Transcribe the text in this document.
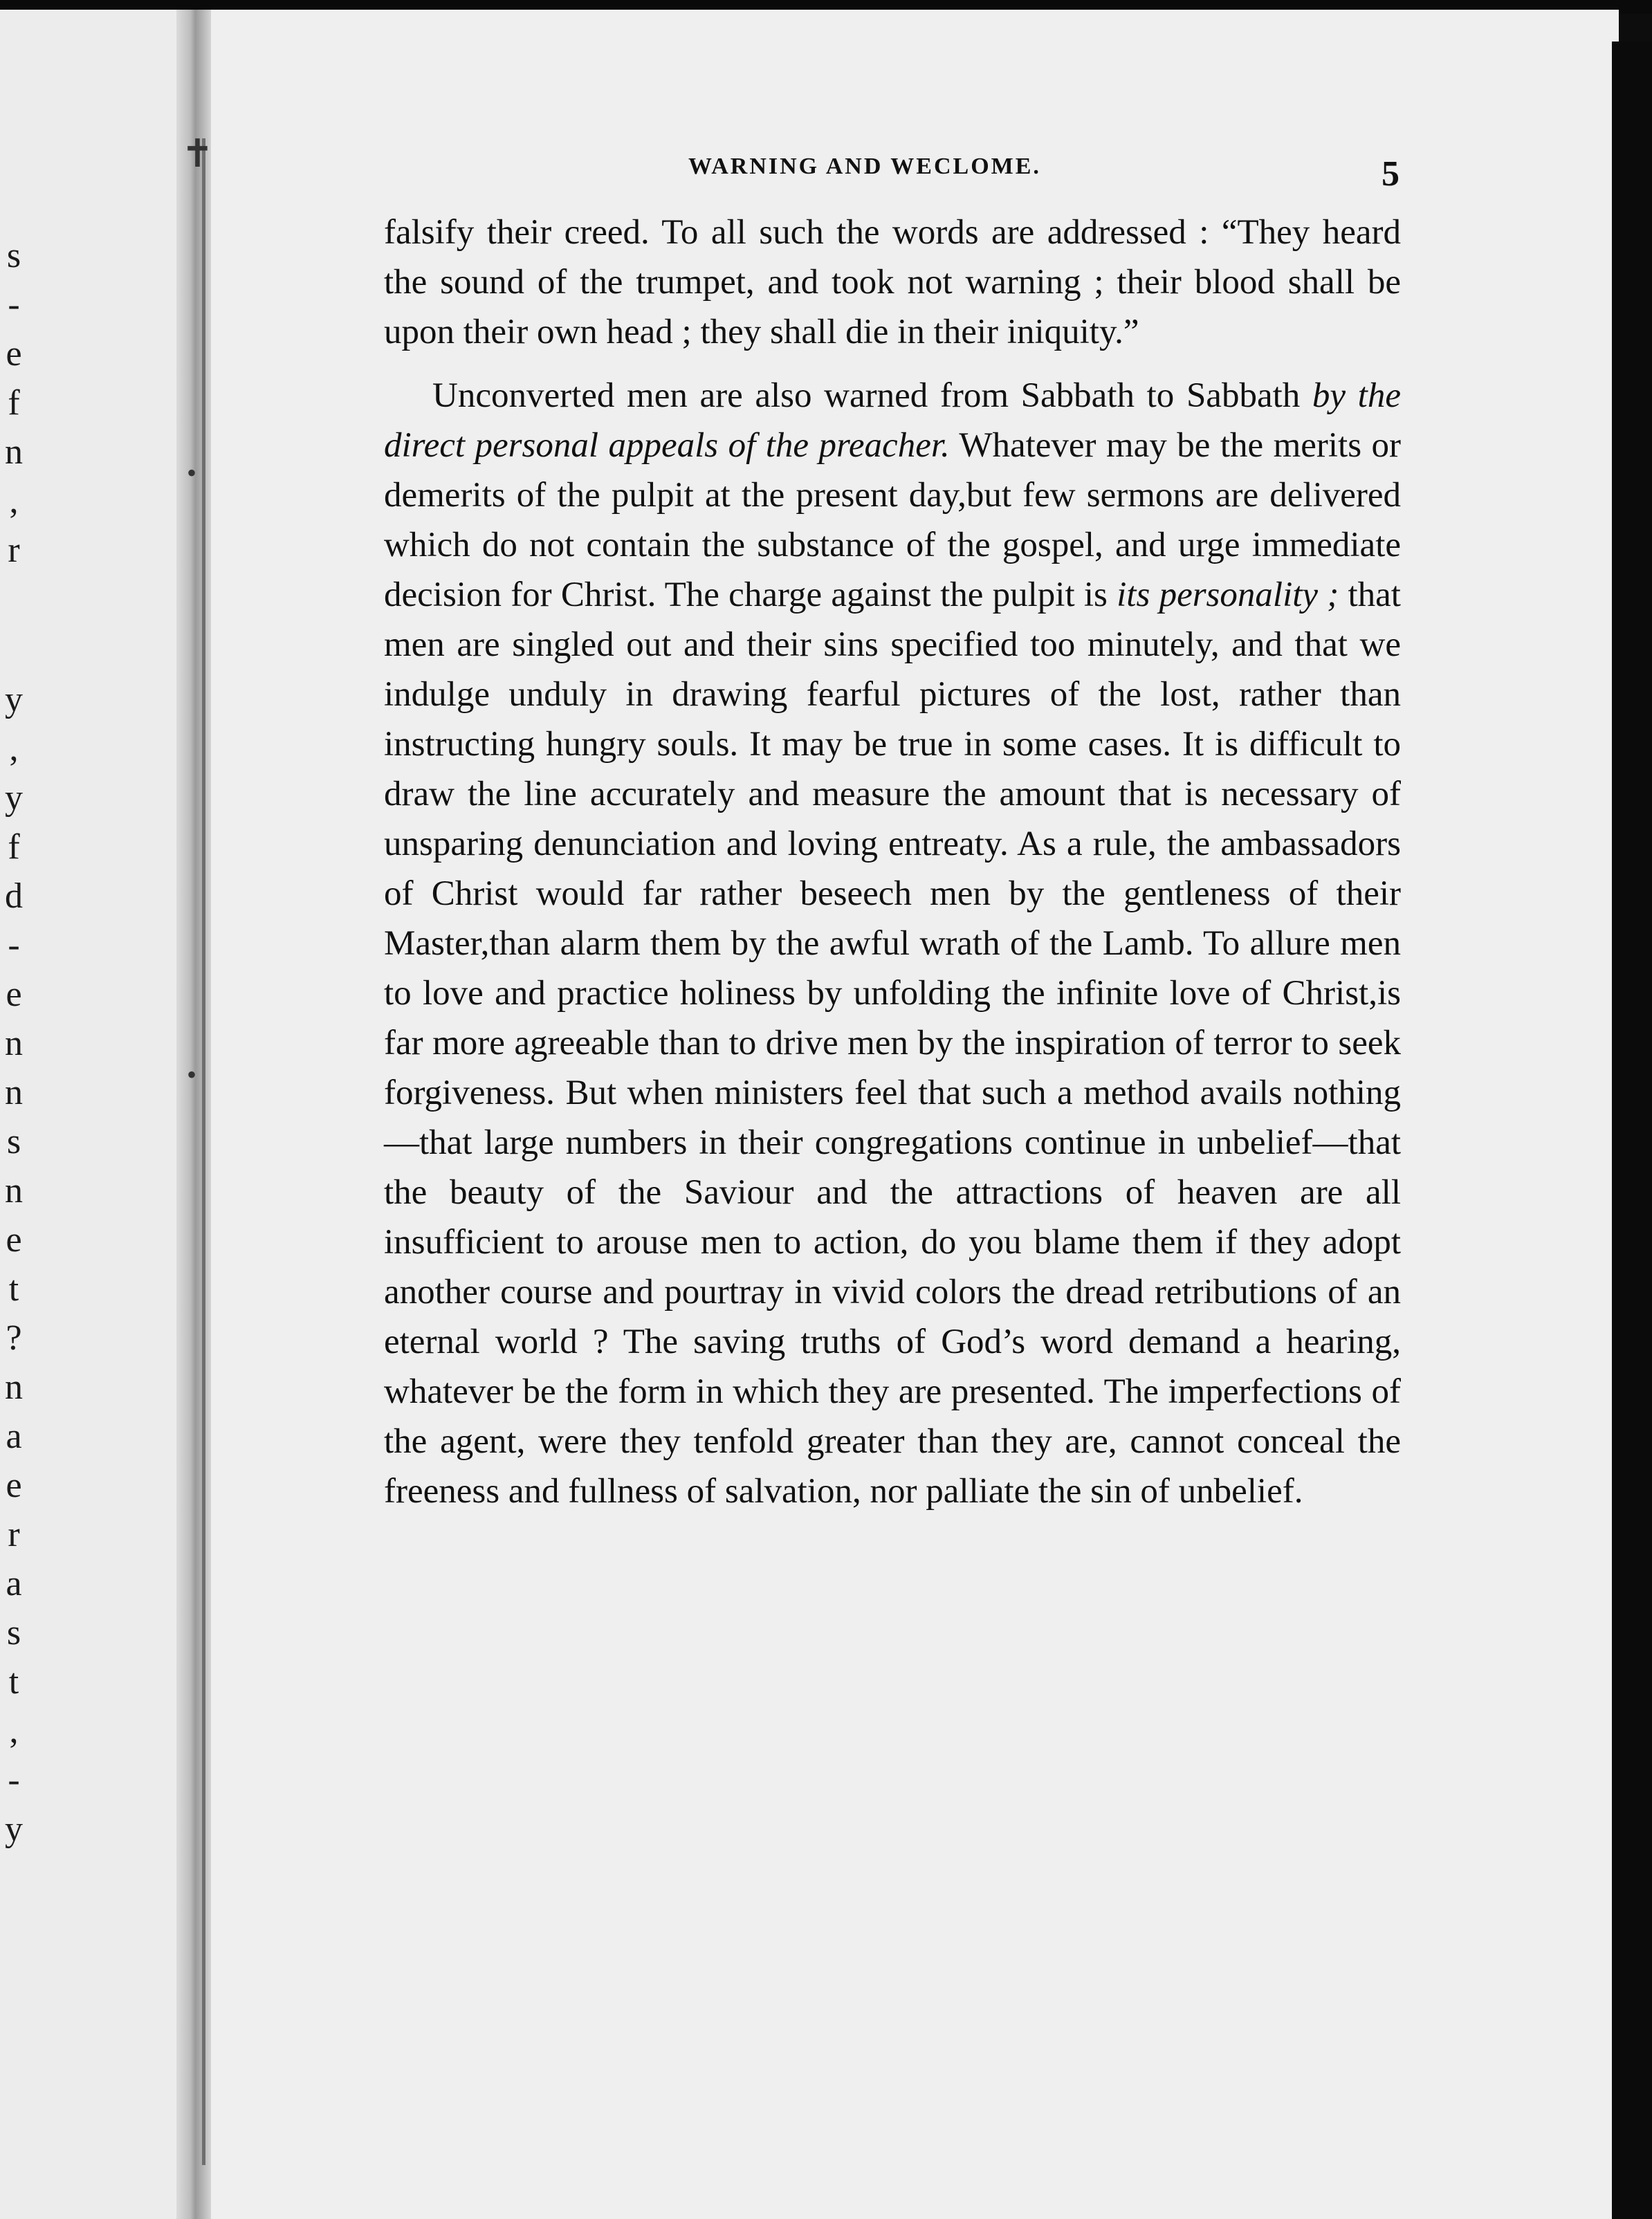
s
-
e
f
n
,
r
y
,
y
f
d
-
e
n
n
s
n
e
t
?
n
a
e
r
a
s
t
,
-
y
✝
•
•
WARNING AND WECLOME.	5

falsify their creed. To all such the words are addressed : “They heard the sound of the trumpet, and took not warning ; their blood shall be upon their own head ; they shall die in their iniquity.”

Unconverted men are also warned from Sabbath to Sabbath by the direct personal appeals of the preacher. Whatever may be the merits or demerits of the pulpit at the present day,but few sermons are delivered which do not contain the substance of the gospel, and urge immediate decision for Christ. The charge against the pulpit is its personality ; that men are singled out and their sins specified too minutely, and that we indulge unduly in drawing fearful pictures of the lost, rather than instructing hungry souls. It may be true in some cases. It is difficult to draw the line accurately and measure the amount that is necessary of unsparing denunciation and loving entreaty. As a rule, the ambassadors of Christ would far rather beseech men by the gentleness of their Master,than alarm them by the awful wrath of the Lamb. To allure men to love and practice holiness by unfolding the infinite love of Christ,is far more agreeable than to drive men by the inspiration of terror to seek forgiveness. But when ministers feel that such a method avails nothing—that large numbers in their congregations continue in unbelief—that the beauty of the Saviour and the attractions of heaven are all insufficient to arouse men to action, do you blame them if they adopt another course and pourtray in vivid colors the dread retributions of an eternal world ? The saving truths of God’s word demand a hearing, whatever be the form in which they are presented. The imperfections of the agent, were they tenfold greater than they are, cannot conceal the freeness and fullness of salvation, nor palliate the sin of unbelief.
